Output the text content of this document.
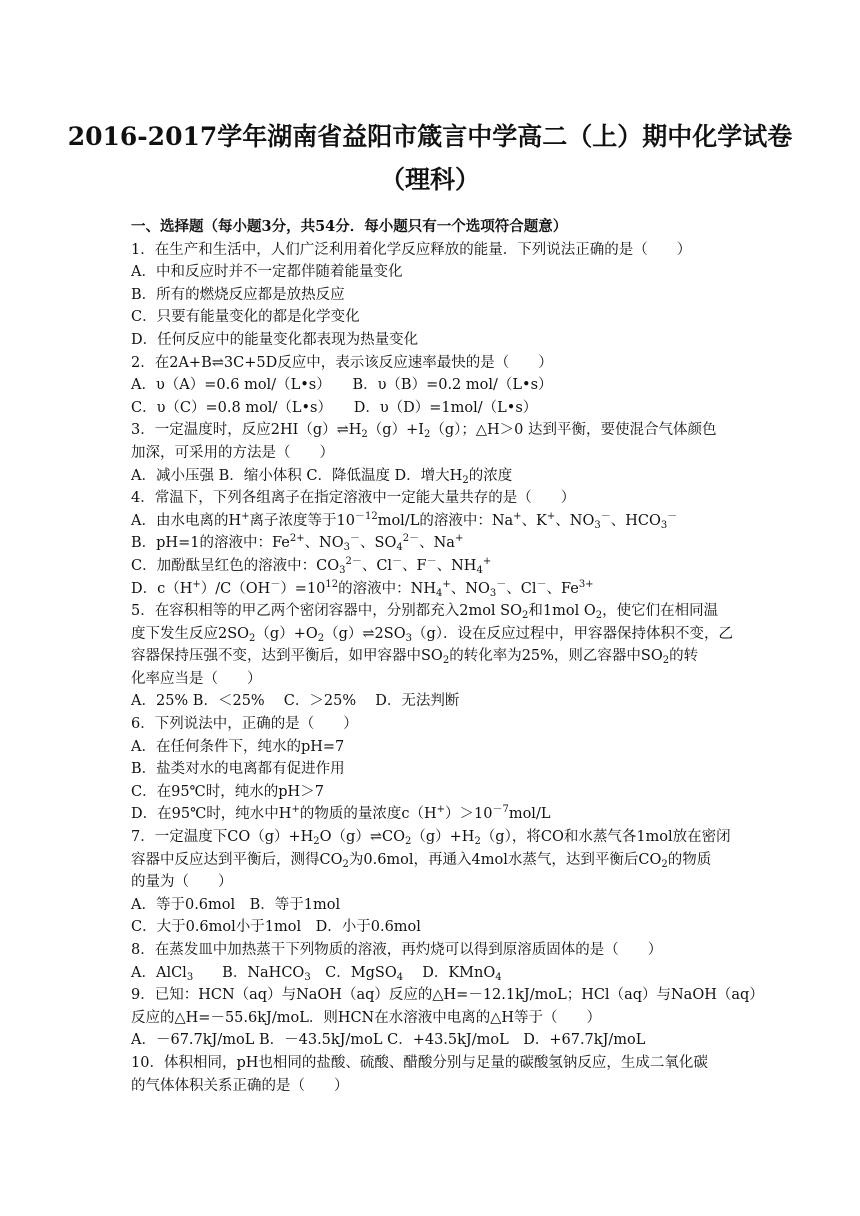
2016-2017学年湖南省益阳市箴言中学高二（上）期中化学试卷
（理科）
一、选择题（每小题3分，共54分．每小题只有一个选项符合题意）
1．在生产和生活中，人们广泛利用着化学反应释放的能量．下列说法正确的是（　　）
A．中和反应时并不一定都伴随着能量变化
B．所有的燃烧反应都是放热反应
C．只要有能量变化的都是化学变化
D．任何反应中的能量变化都表现为热量变化
2．在2A+B⇌3C+5D反应中，表示该反应速率最快的是（　　）
A．υ（A）=0.6 mol/（L•s）　　B．υ（B）=0.2 mol/（L•s）
C．υ（C）=0.8 mol/（L•s）　　D．υ（D）=1mol/（L•s）
3．一定温度时，反应$2HI(g)\rightleftharpoons H_2(g)+I_2(g)$；△H＞0 达到平衡，要使混合气体颜色
加深，可采用的方法是（　　）
A．减小压强 B．缩小体积 C．降低温度 D．增大$H_2$的浓度
4．常温下，下列各组离子在指定溶液中一定能大量共存的是（　　）
A．由水电离的H+离子浓度等于$10^{-12}mol/L$的溶液中：Na+、K+、$NO_3^-$、$HCO_3^-$
B．pH=1的溶液中：$Fe^{2+}$、$NO_3^-$、$SO_4^{2-}$、Na+
C．加酚酞呈红色的溶液中：$CO_3^{2-}$、Cl－、F－、$NH_4^+$
D．$c(H^+)/C(OH^-)=10^{12}$的溶液中：$NH_4^+$、$NO_3^-$、Cl－、$Fe^{3+}$
5．在容积相等的甲乙两个密闭容器中，分别都充入2mol $SO_2$和1mol $O_2$，使它们在相同温
度下发生反应$2SO_2(g)+O_2(g)\rightleftharpoons 2SO_3(g)$．设在反应过程中，甲容器保持体积不变，乙
容器保持压强不变，达到平衡后，如甲容器中$SO_2$的转化率为25%，则乙容器中$SO_2$的转
化率应当是（　　）
A．25% B．＜25%　 C．＞25%　 D．无法判断
6．下列说法中，正确的是（　　）
A．在任何条件下，纯水的pH=7
B．盐类对水的电离都有促进作用
C．在95℃时，纯水的pH＞7
D．在95℃时，纯水中H+的物质的量浓度$c(H^+)>10^{-7}mol/L$
7．一定温度下$CO(g)+H_2O(g)\rightleftharpoons CO_2(g)+H_2(g)$，将CO和水蒸气各1mol放在密闭
容器中反应达到平衡后，测得$CO_2$为0.6mol，再通入4mol水蒸气，达到平衡后$CO_2$的物质
的量为（　　）
A．等于0.6mol　B．等于1mol
C．大于0.6mol小于1mol　D．小于0.6mol
8．在蒸发皿中加热蒸干下列物质的溶液，再灼烧可以得到原溶质固体的是（　　）
A．AlCl$_3$　　B．NaHCO$_3$　C．MgSO$_4$　 D．KMnO$_4$
9．已知：HCN（aq）与NaOH（aq）反应的△H=－12.1kJ/moL；HCl（aq）与NaOH（aq）
反应的△H=－55.6kJ/moL．则HCN在水溶液中电离的△H等于（　　）
A．－67.7kJ/moL B．－43.5kJ/moL C．+43.5kJ/moL　D．+67.7kJ/moL
10．体积相同，pH也相同的盐酸、硫酸、醋酸分别与足量的碳酸氢钠反应，生成二氧化碳
的气体体积关系正确的是（　　）
